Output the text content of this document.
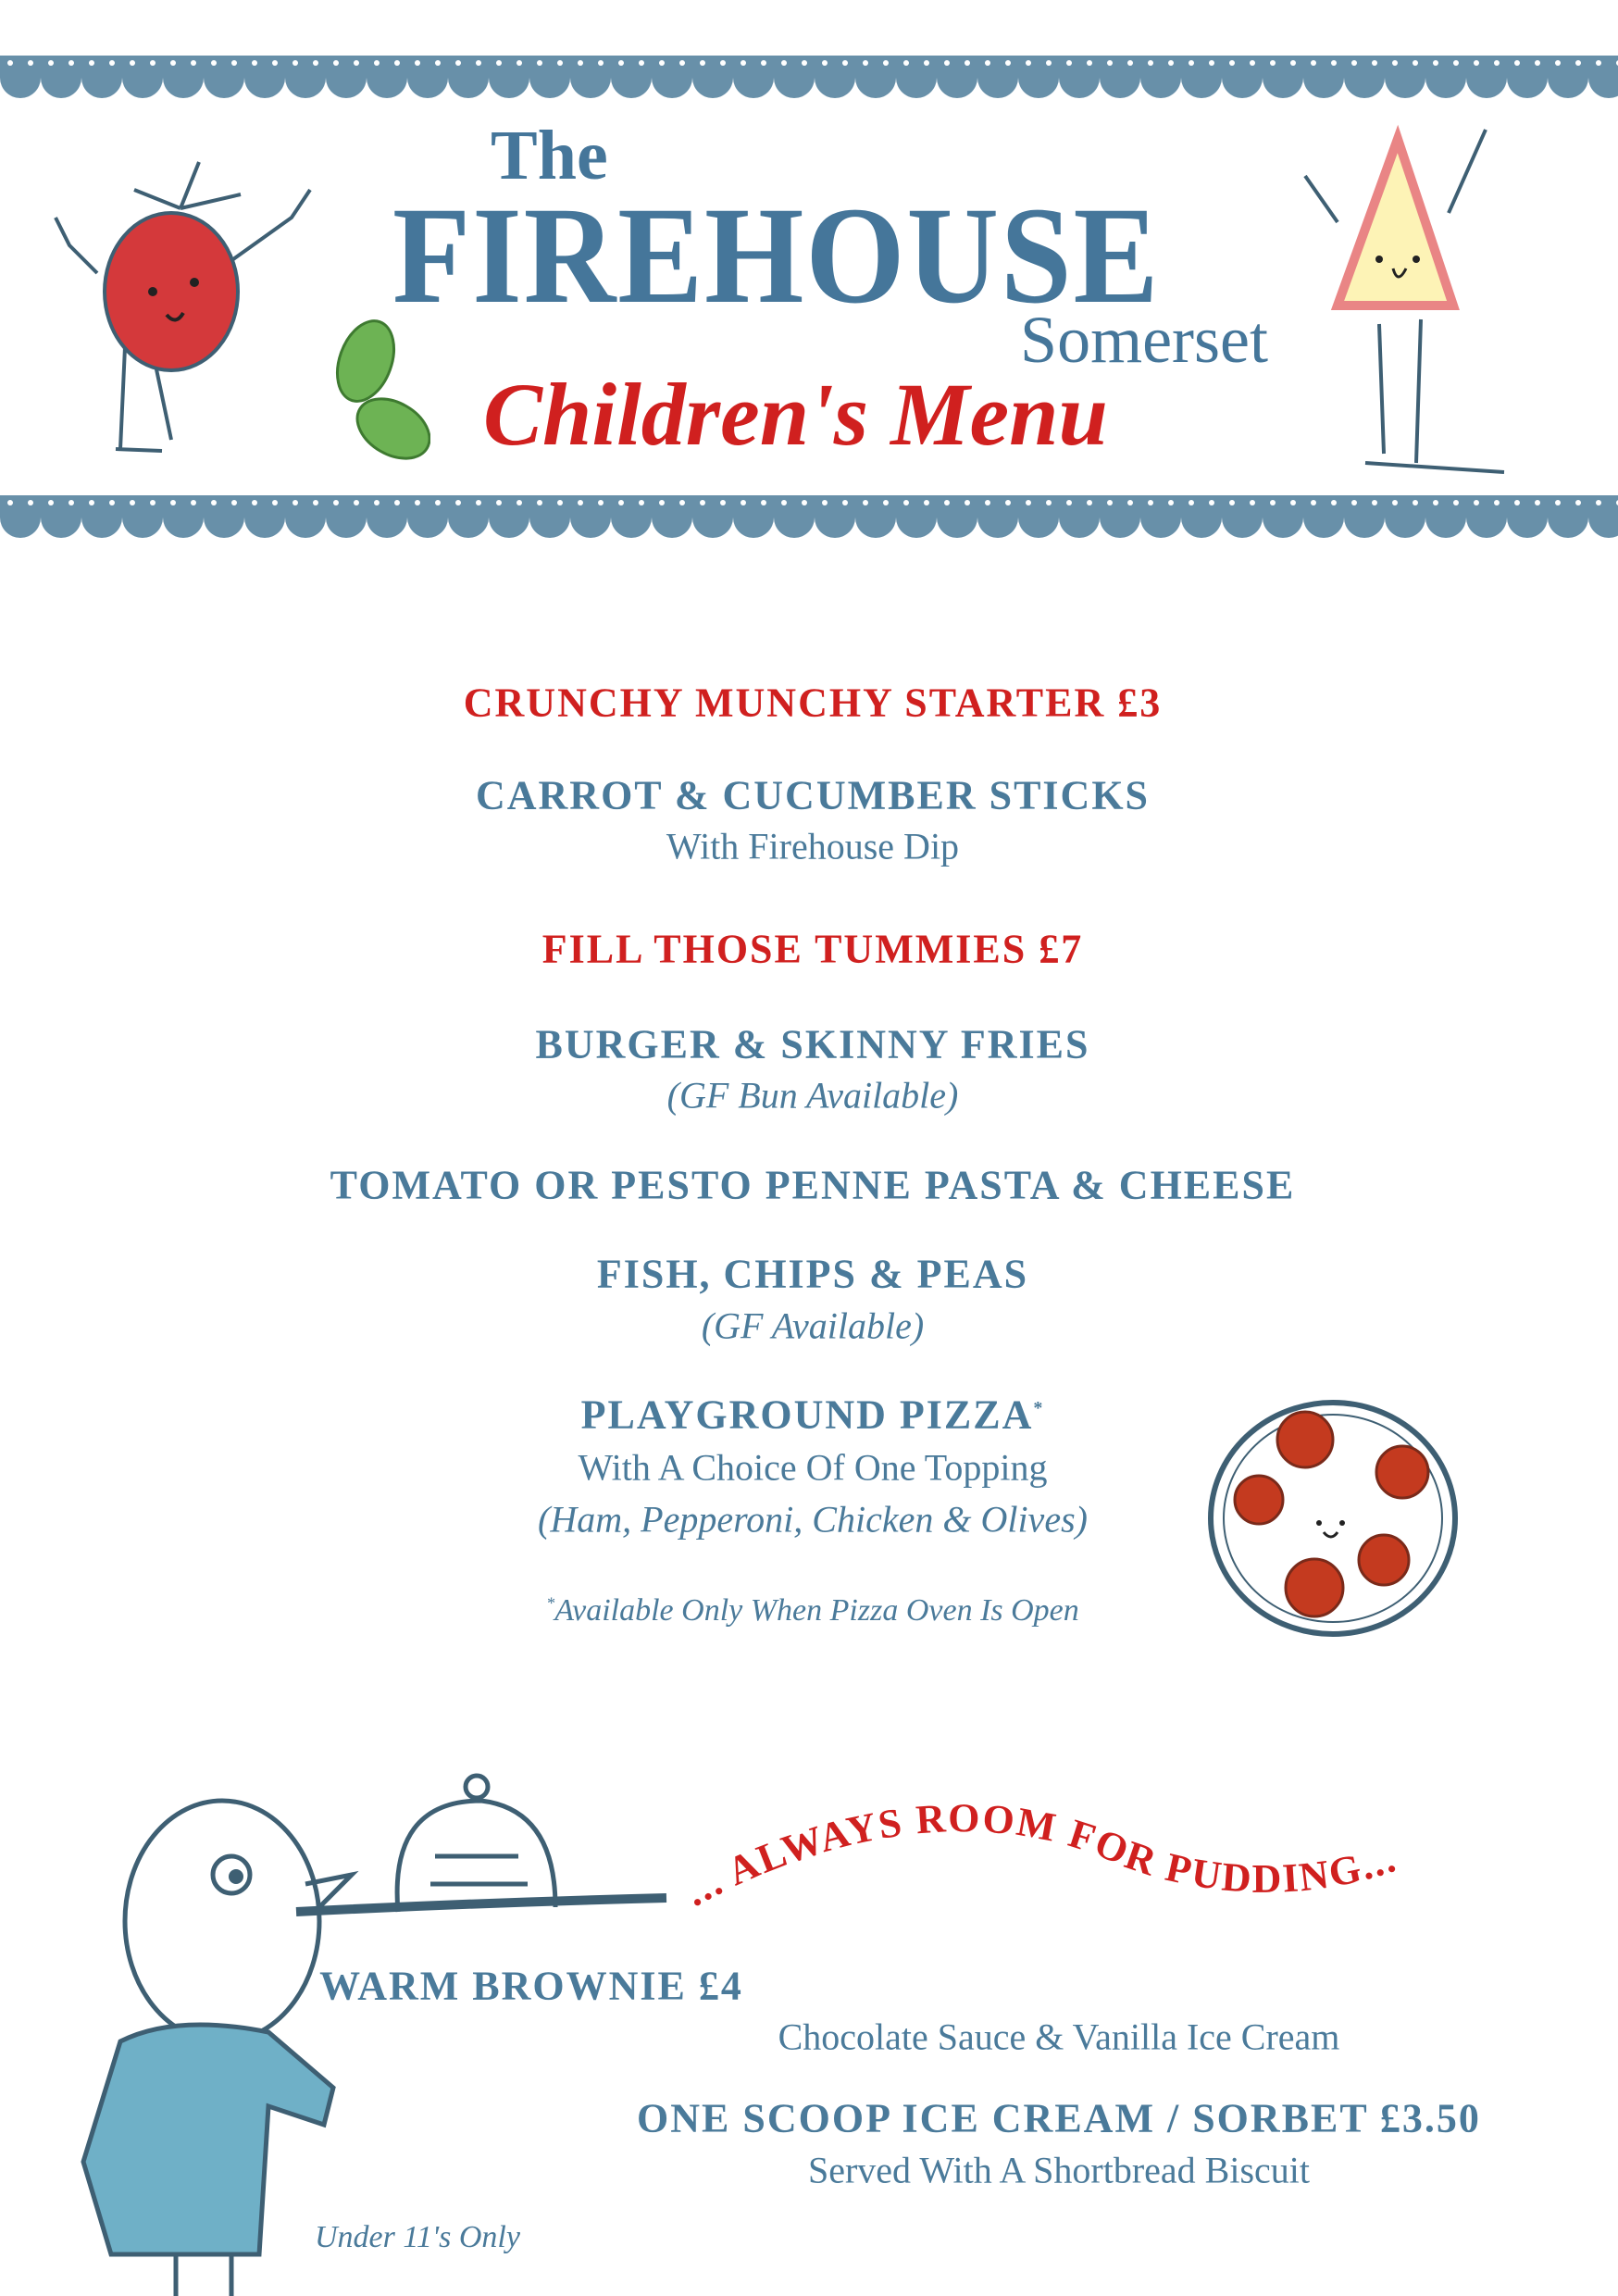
The
FIREHOUSE
Somerset
Children's Menu
CRUNCHY MUNCHY STARTER £3
CARROT & CUCUMBER STICKS
With Firehouse Dip
FILL THOSE TUMMIES £7
BURGER & SKINNY FRIES
(GF Bun Available)
TOMATO OR PESTO PENNE PASTA & CHEESE
FISH, CHIPS & PEAS
(GF Available)
PLAYGROUND PIZZA*
With A Choice Of One Topping
(Ham, Pepperoni, Chicken & Olives)
*Available Only When Pizza Oven Is Open
... ALWAYS ROOM FOR PUDDING...
WARM BROWNIE £4
Chocolate Sauce & Vanilla Ice Cream
ONE SCOOP ICE CREAM / SORBET £3.50
Served With A Shortbread Biscuit
Under 11's Only
